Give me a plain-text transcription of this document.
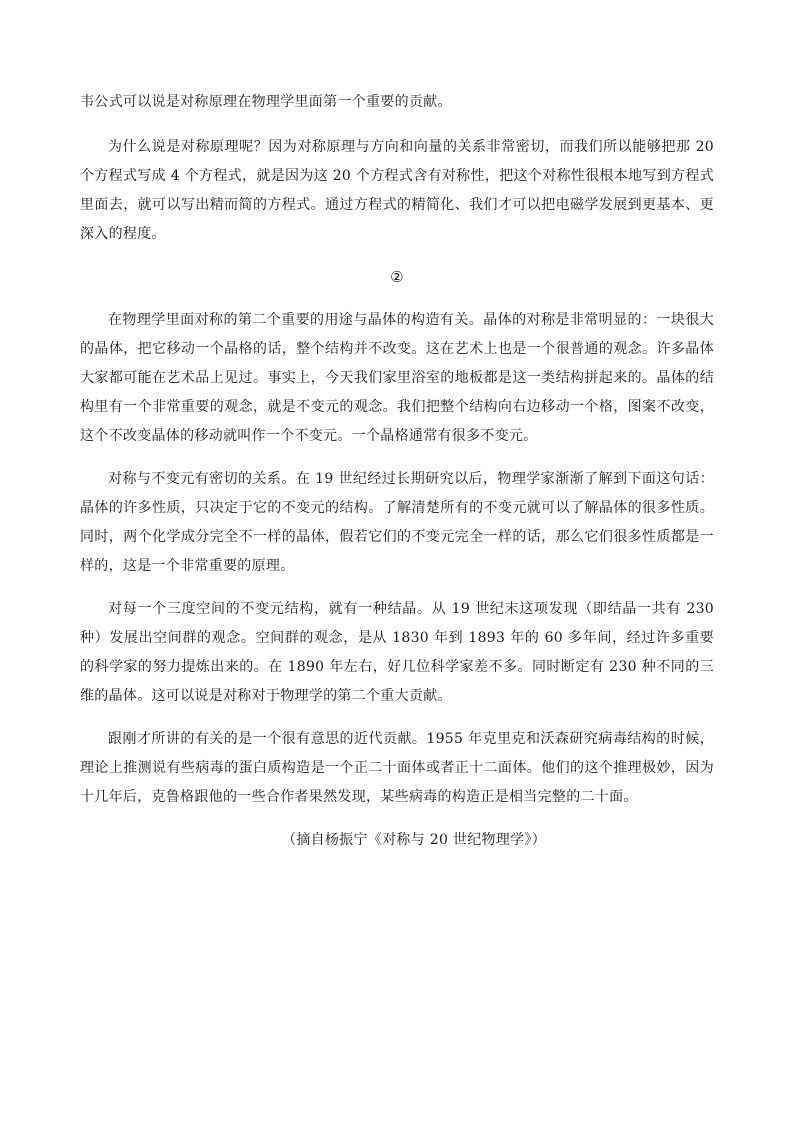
韦公式可以说是对称原理在物理学里面第一个重要的贡献。

为什么说是对称原理呢？因为对称原理与方向和向量的关系非常密切，而我们所以能够把那 20 个方程式写成 4 个方程式，就是因为这 20 个方程式含有对称性，把这个对称性很根本地写到方程式里面去，就可以写出精而简的方程式。通过方程式的精简化、我们才可以把电磁学发展到更基本、更深入的程度。

②

在物理学里面对称的第二个重要的用途与晶体的构造有关。晶体的对称是非常明显的：一块很大的晶体，把它移动一个晶格的话，整个结构并不改变。这在艺术上也是一个很普通的观念。许多晶体大家都可能在艺术品上见过。事实上，今天我们家里浴室的地板都是这一类结构拼起来的。晶体的结构里有一个非常重要的观念，就是不变元的观念。我们把整个结构向右边移动一个格，图案不改变，这个不改变晶体的移动就叫作一个不变元。一个晶格通常有很多不变元。

对称与不变元有密切的关系。在 19 世纪经过长期研究以后，物理学家渐渐了解到下面这句话：晶体的许多性质，只决定于它的不变元的结构。了解清楚所有的不变元就可以了解晶体的很多性质。同时，两个化学成分完全不一样的晶体，假若它们的不变元完全一样的话，那么它们很多性质都是一样的，这是一个非常重要的原理。

对每一个三度空间的不变元结构，就有一种结晶。从 19 世纪末这项发现（即结晶一共有 230 种）发展出空间群的观念。空间群的观念，是从 1830 年到 1893 年的 60 多年间，经过许多重要的科学家的努力提炼出来的。在 1890 年左右，好几位科学家差不多。同时断定有 230 种不同的三维的晶体。这可以说是对称对于物理学的第二个重大贡献。

跟刚才所讲的有关的是一个很有意思的近代贡献。1955 年克里克和沃森研究病毒结构的时候，理论上推测说有些病毒的蛋白质构造是一个正二十面体或者正十二面体。他们的这个推理极妙，因为十几年后，克鲁格跟他的一些合作者果然发现，某些病毒的构造正是相当完整的二十面。

（摘自杨振宁《对称与 20 世纪物理学》）
